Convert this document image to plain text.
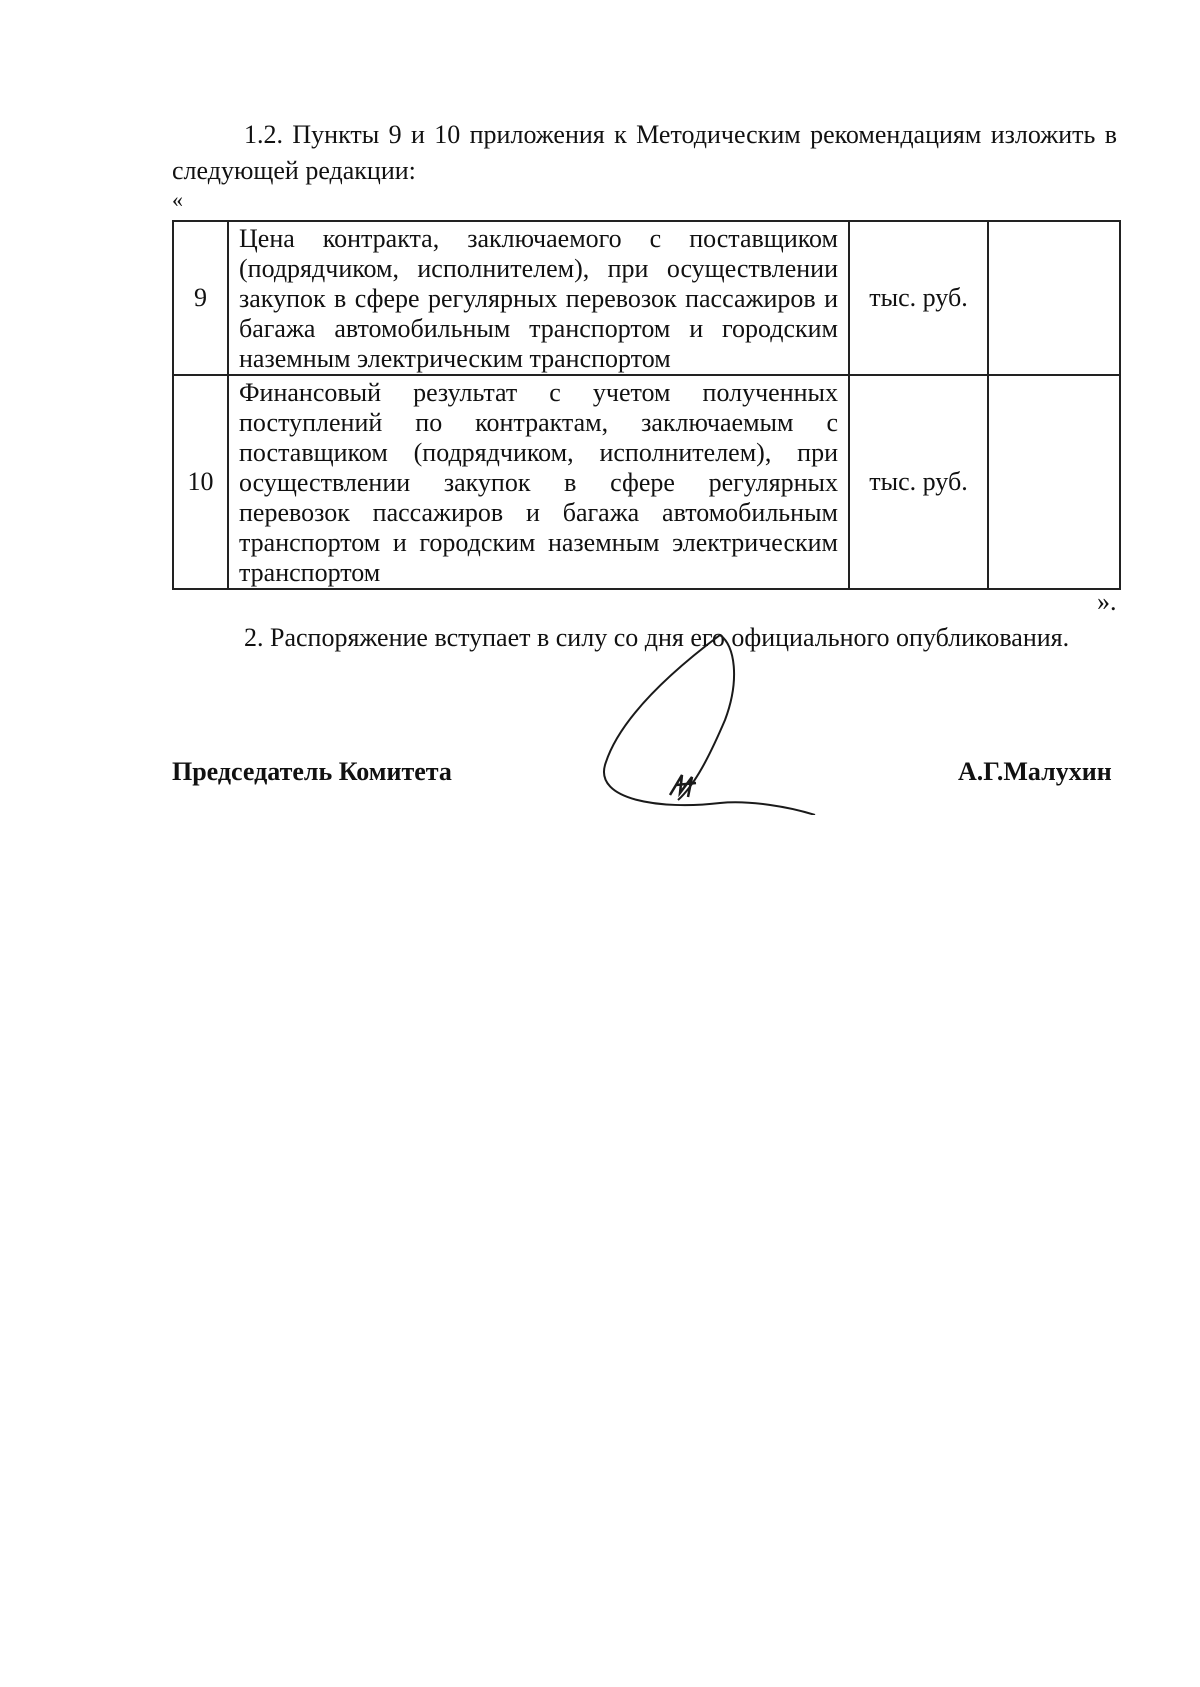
1.2. Пункты 9 и 10 приложения к Методическим рекомендациям изложить в следующей редакции:

«
9	Цена контракта, заключаемого с поставщиком (подрядчиком, исполнителем), при осуществлении закупок в сфере регулярных перевозок пассажиров и багажа автомобильным транспортом и городским наземным электрическим транспортом	тыс. руб.	
10	Финансовый результат с учетом полученных поступлений по контрактам, заключаемым с поставщиком (подрядчиком, исполнителем), при осуществлении закупок в сфере регулярных перевозок пассажиров и багажа автомобильным транспортом и городским наземным электрическим транспортом	тыс. руб.	
».

2. Распоряжение вступает в силу со дня его официального опубликования.

Председатель Комитета	А.Г.Малухин
